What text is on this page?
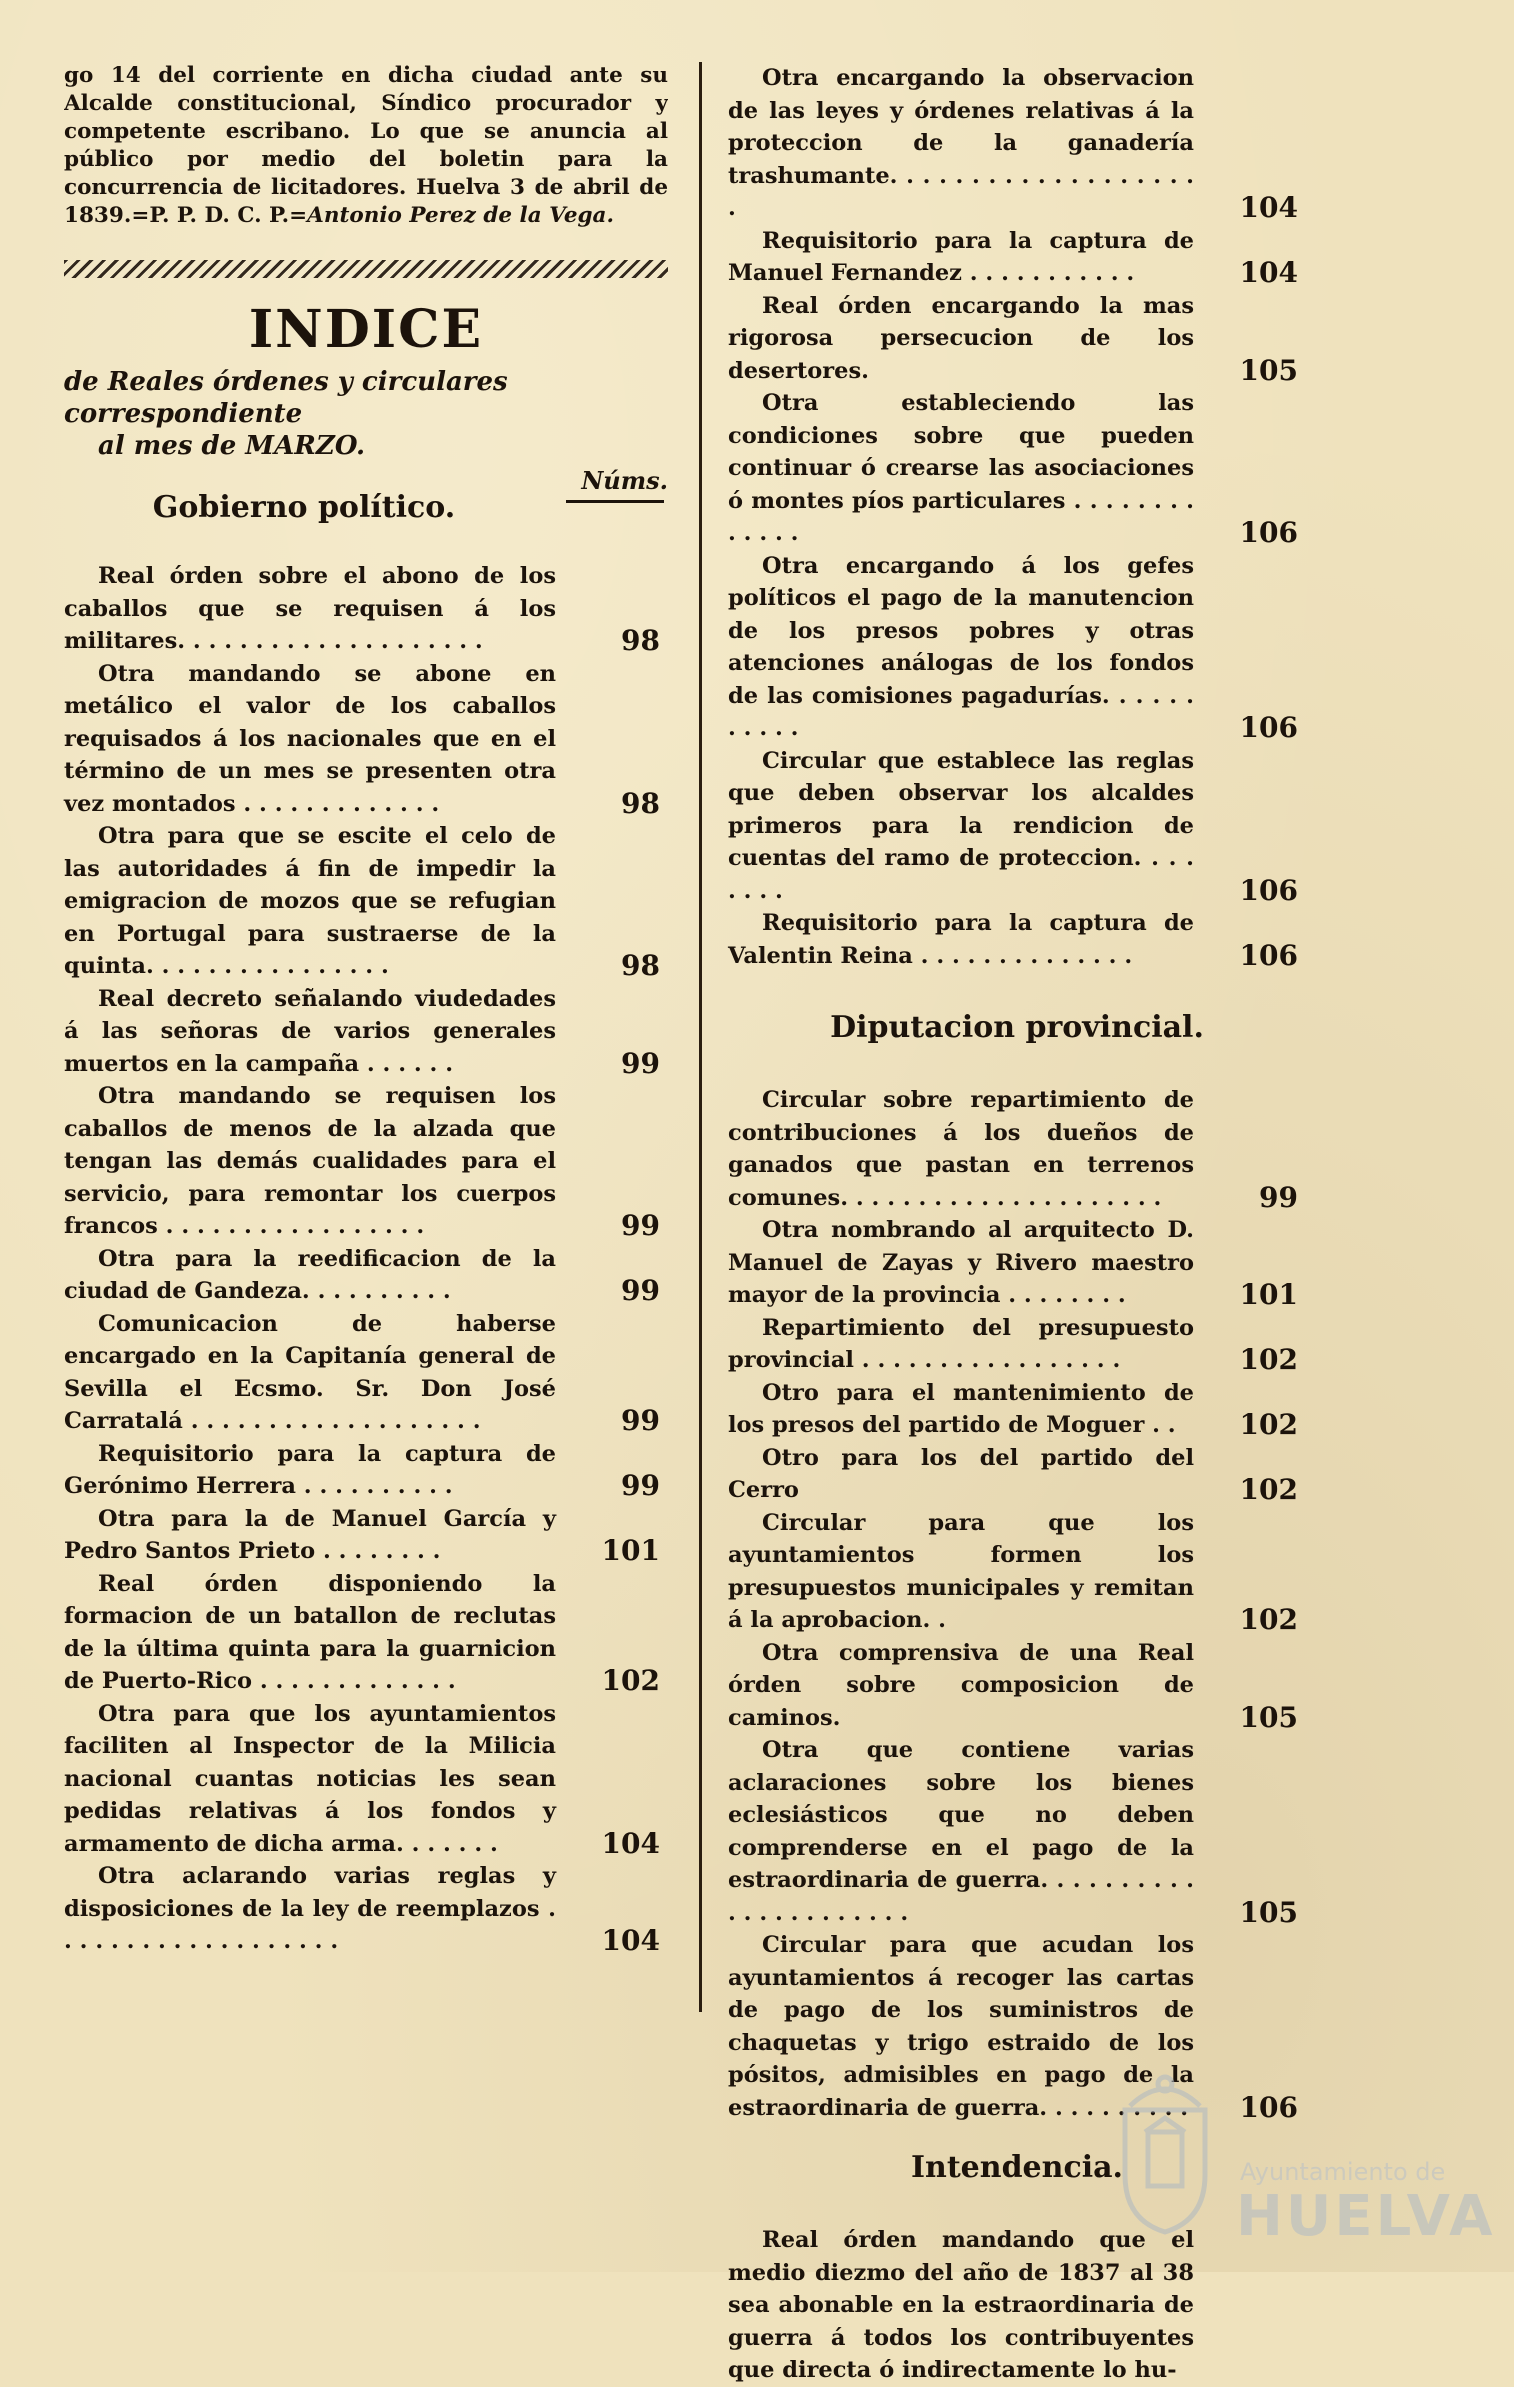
go 14 del corriente en dicha ciudad ante su Alcalde constitucional, Síndico procurador y competente escribano. Lo que se anuncia al público por medio del boletin para la concurrencia de licitadores. Huelva 3 de abril de 1839.=P. P. D. C. P.=Antonio Perez de la Vega.

INDICE

de Reales órdenes y circulares correspondiente
al mes de MARZO.

Núms.
Gobierno político.
Real órden sobre el abono de los caballos que se requisen á los militares. . . . . . . . . . . . . . . . . . . .	98
Otra mandando se abone en metálico el valor de los caballos requisados á los nacionales que en el término de un mes se presenten otra vez montados . . . . . . . . . . . . .	98
Otra para que se escite el celo de las autoridades á fin de impedir la emigracion de mozos que se refugian en Portugal para sustraerse de la quinta. . . . . . . . . . . . . . . .	98
Real decreto señalando viudedades á las señoras de varios generales muertos en la campaña . . . . . .	99
Otra mandando se requisen los caballos de menos de la alzada que tengan las demás cualidades para el servicio, para remontar los cuerpos francos . . . . . . . . . . . . . . . . .	99
Otra para la reedificacion de la ciudad de Gandeza. . . . . . . . . .	99
Comunicacion de haberse encargado en la Capitanía general de Sevilla el Ecsmo. Sr. Don José Carratalá . . . . . . . . . . . . . . . . . . .	99
Requisitorio para la captura de Gerónimo Herrera . . . . . . . . . .	99
Otra para la de Manuel García y Pedro Santos Prieto . . . . . . . .	101
Real órden disponiendo la formacion de un batallon de reclutas de la última quinta para la guarnicion de Puerto-Rico . . . . . . . . . . . . .	102
Otra para que los ayuntamientos faciliten al Inspector de la Milicia nacional cuantas noticias les sean pedidas relativas á los fondos y armamento de dicha arma. . . . . . .	104
Otra aclarando varias reglas y disposiciones de la ley de reemplazos . . . . . . . . . . . . . . . . . . .	104
Otra encargando la observacion de las leyes y órdenes relativas á la proteccion de la ganadería trashumante. . . . . . . . . . . . . . . . . . . .	104
Requisitorio para la captura de Manuel Fernandez . . . . . . . . . . .	104
Real órden encargando la mas rigorosa persecucion de los desertores.	105
Otra estableciendo las condiciones sobre que pueden continuar ó crearse las asociaciones ó montes píos particulares . . . . . . . . . . . . .	106
Otra encargando á los gefes políticos el pago de la manutencion de los presos pobres y otras atenciones análogas de los fondos de las comisiones pagadurías. . . . . . . . . . .	106
Circular que establece las reglas que deben observar los alcaldes primeros para la rendicion de cuentas del ramo de proteccion. . . . . . . .	106
Requisitorio para la captura de Valentin Reina . . . . . . . . . . . . . .	106
Diputacion provincial.
Circular sobre repartimiento de contribuciones á los dueños de ganados que pastan en terrenos comunes. . . . . . . . . . . . . . . . . . . . .	99
Otra nombrando al arquitecto D. Manuel de Zayas y Rivero maestro mayor de la provincia . . . . . . . .	101
Repartimiento del presupuesto provincial . . . . . . . . . . . . . . . . .	102
Otro para el mantenimiento de los presos del partido de Moguer . .	102
Otro para los del partido del Cerro	102
Circular para que los ayuntamientos formen los presupuestos municipales y remitan á la aprobacion. .	102
Otra comprensiva de una Real órden sobre composicion de caminos.	105
Otra que contiene varias aclaraciones sobre los bienes eclesiásticos que no deben comprenderse en el pago de la estraordinaria de guerra. . . . . . . . . . . . . . . . . . . . . .	105
Circular para que acudan los ayuntamientos á recoger las cartas de pago de los suministros de chaquetas y trigo estraido de los pósitos, admisibles en pago de la estraordinaria de guerra. . . . . . . . . .	106
Intendencia.
Real órden mandando que el medio diezmo del año de 1837 al 38 sea abonable en la estraordinaria de guerra á todos los contribuyentes que directa ó indirectamente lo hu-
Ayuntamiento de
HUELVA
